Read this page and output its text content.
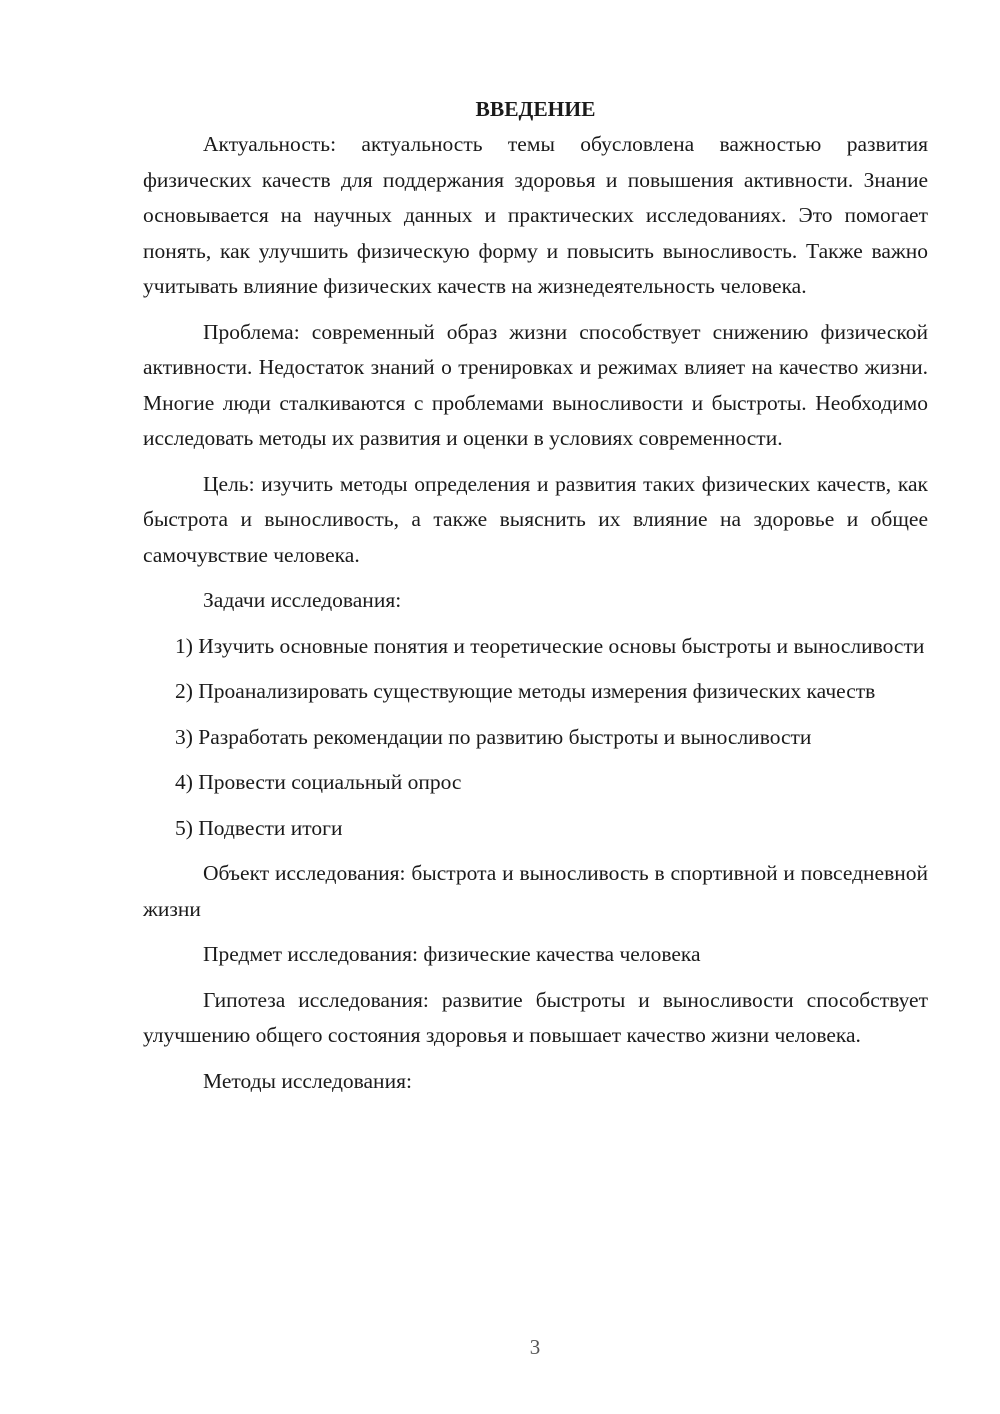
ВВЕДЕНИЕ

Актуальность: актуальность темы обусловлена важностью развития физических качеств для поддержания здоровья и повышения активности. Знание основывается на научных данных и практических исследованиях. Это помогает понять, как улучшить физическую форму и повысить выносливость. Также важно учитывать влияние физических качеств на жизнедеятельность человека.

Проблема: современный образ жизни способствует снижению физической активности. Недостаток знаний о тренировках и режимах влияет на качество жизни. Многие люди сталкиваются с проблемами выносливости и быстроты. Необходимо исследовать методы их развития и оценки в условиях современности.

Цель: изучить методы определения и развития таких физических качеств, как быстрота и выносливость, а также выяснить их влияние на здоровье и общее самочувствие человека.

Задачи исследования:

1) Изучить основные понятия и теоретические основы быстроты и выносливости

2) Проанализировать существующие методы измерения физических качеств

3) Разработать рекомендации по развитию быстроты и выносливости

4) Провести социальный опрос

5) Подвести итоги

Объект исследования: быстрота и выносливость в спортивной и повседневной жизни

Предмет исследования: физические качества человека

Гипотеза исследования: развитие быстроты и выносливости способствует улучшению общего состояния здоровья и повышает качество жизни человека.

Методы исследования:

3
